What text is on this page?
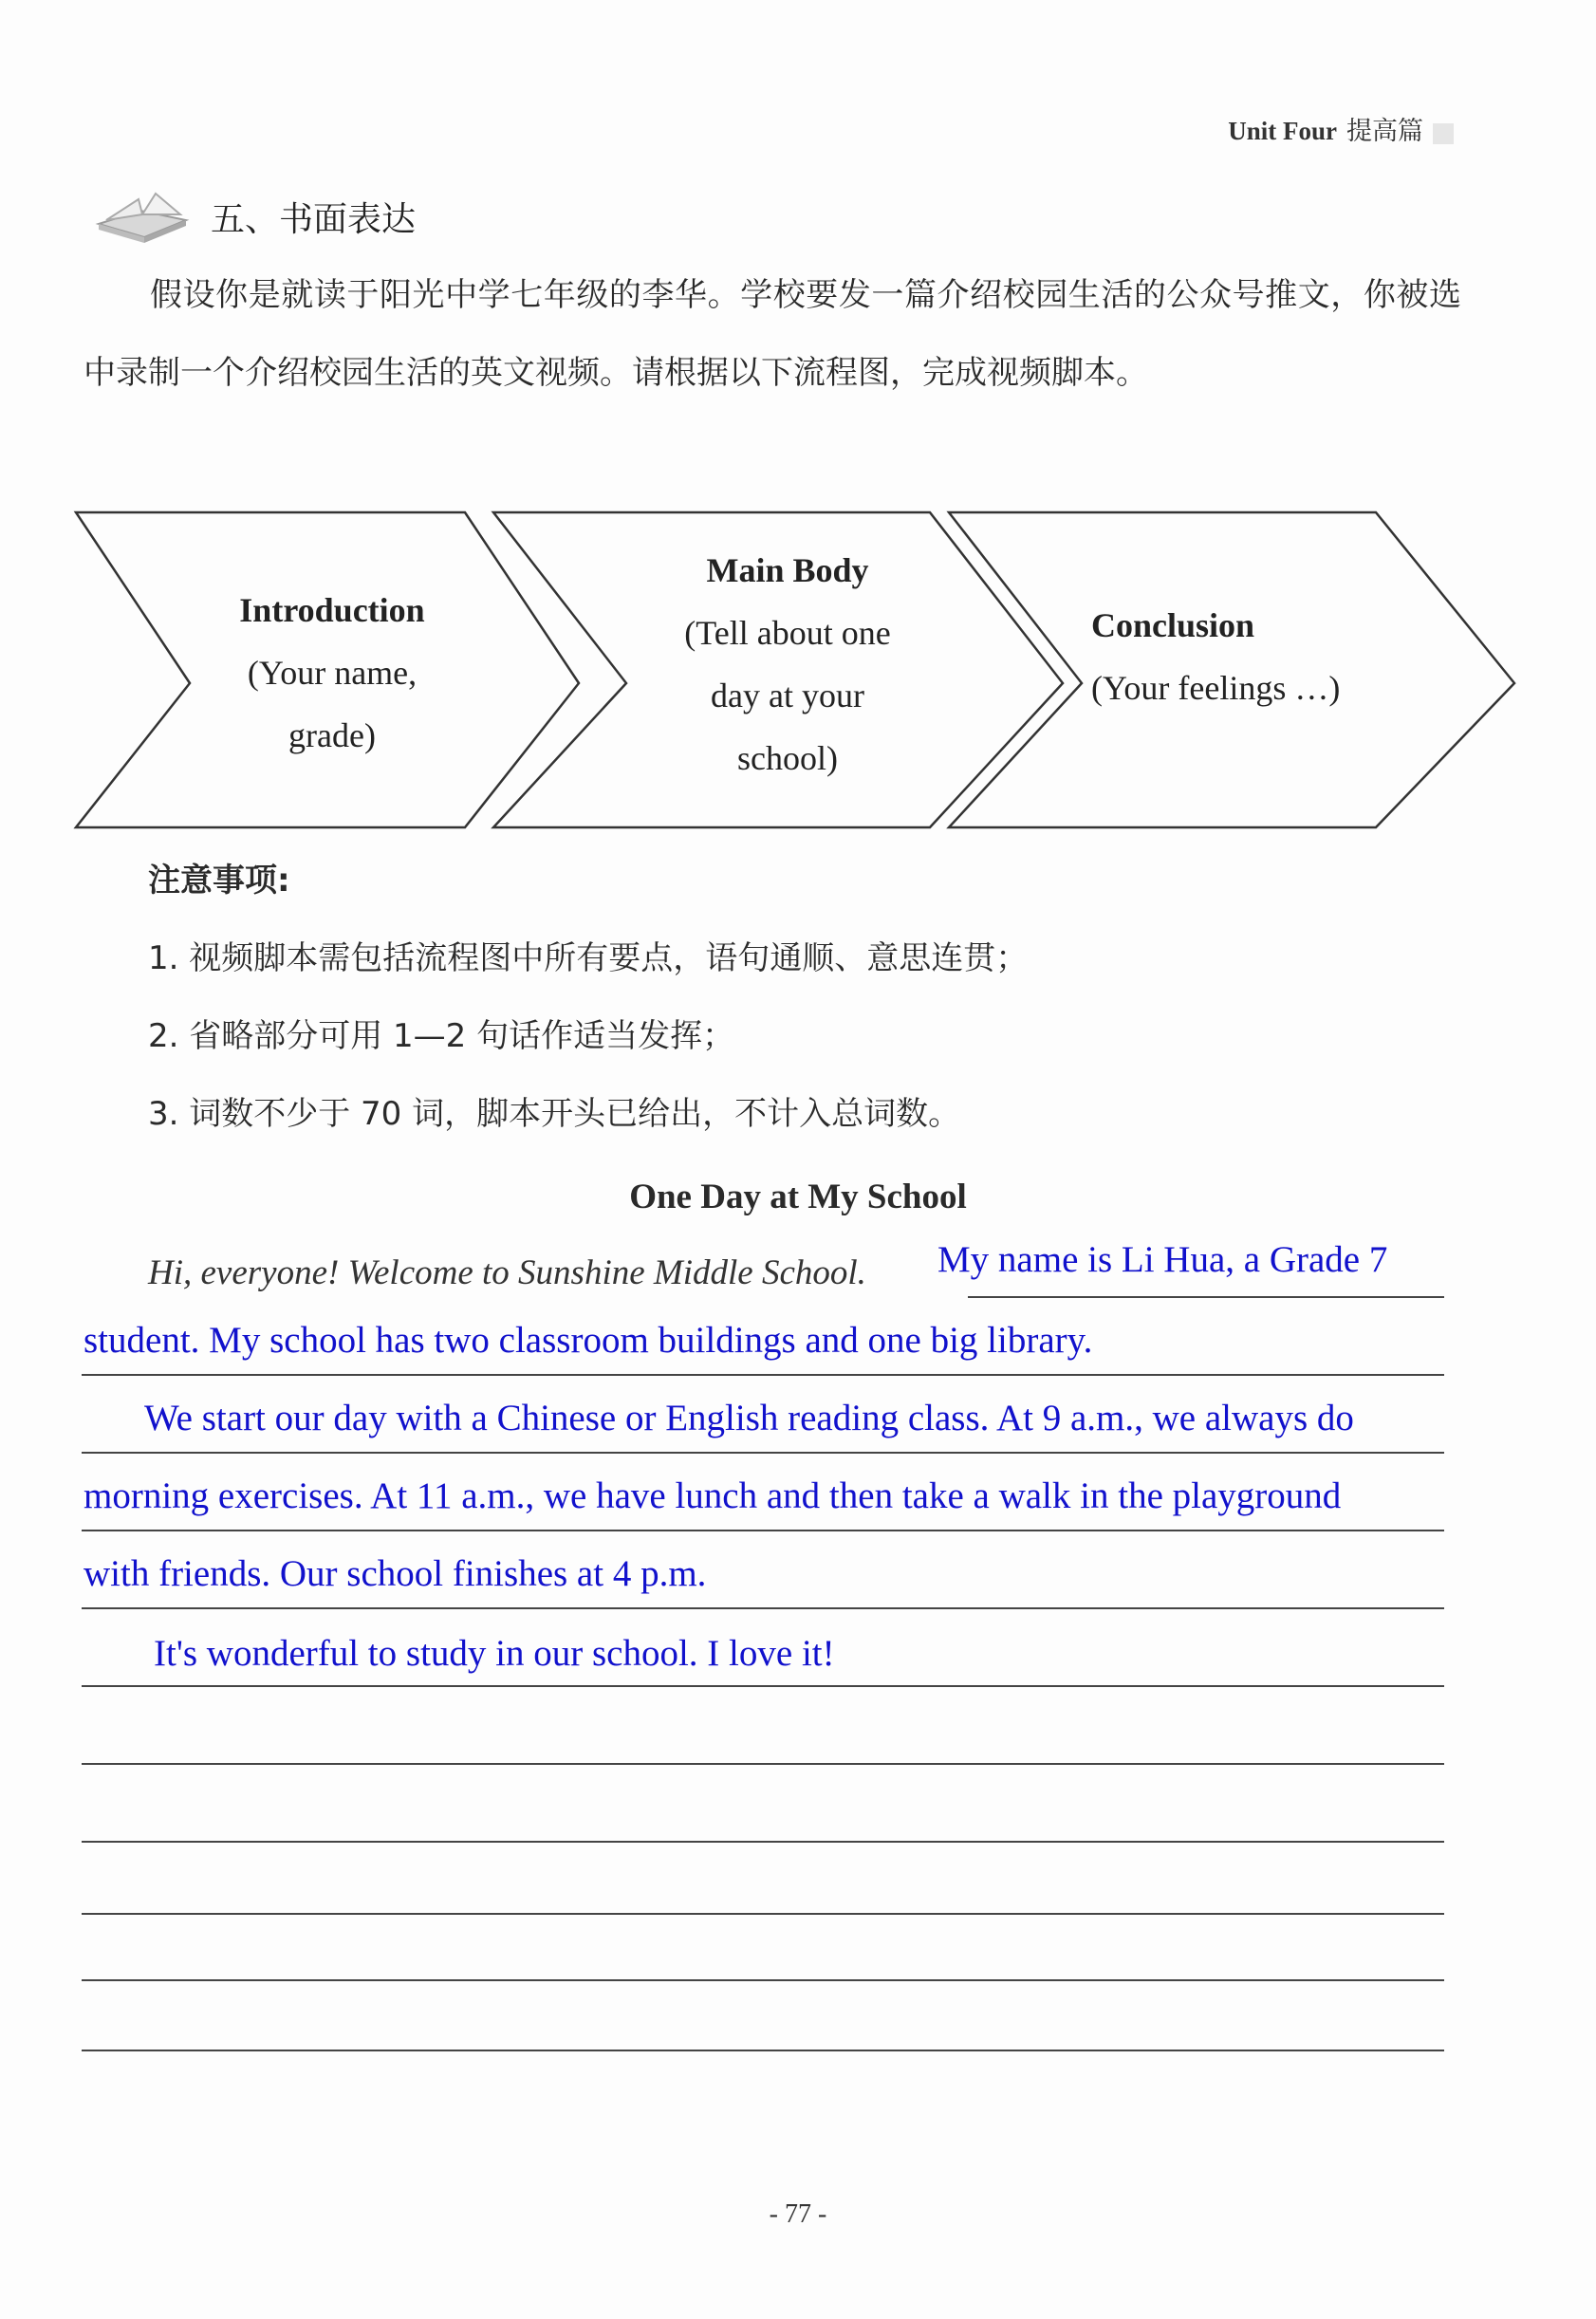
Unit Four 提高篇
五、书面表达
假设你是就读于阳光中学七年级的李华。学校要发一篇介绍校园生活的公众号推文，你被选中录制一个介绍校园生活的英文视频。请根据以下流程图，完成视频脚本。
Introduction
(Your name,
grade)
Main Body
(Tell about one
day at your
school)
Conclusion
(Your feelings …)
注意事项:
1. 视频脚本需包括流程图中所有要点，语句通顺、意思连贯；
2. 省略部分可用 1—2 句话作适当发挥；
3. 词数不少于 70 词，脚本开头已给出，不计入总词数。
One Day at My School
Hi, everyone! Welcome to Sunshine Middle School. My name is Li Hua, a Grade 7
student. My school has two classroom buildings and one big library.
We start our day with a Chinese or English reading class. At 9 a.m., we always do
morning exercises. At 11 a.m., we have lunch and then take a walk in the playground
with friends. Our school finishes at 4 p.m.
It's wonderful to study in our school. I love it!
- 77 -
